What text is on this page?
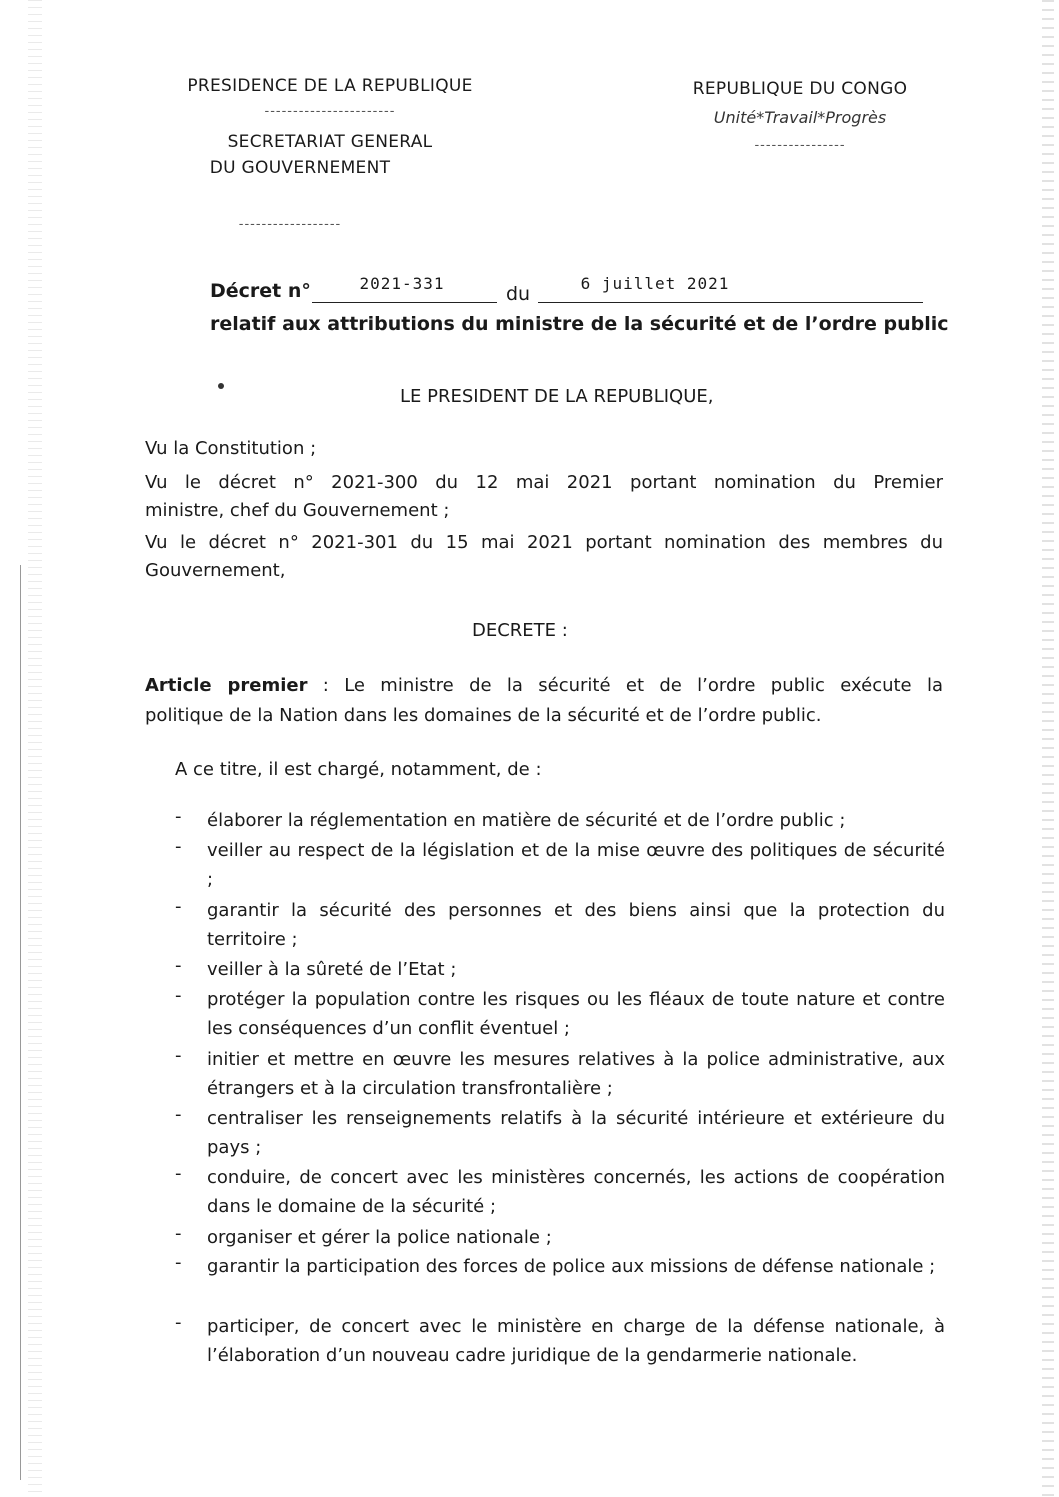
PRESIDENCE DE LA REPUBLIQUE
-----------------------
SECRETARIAT GENERAL
DU GOUVERNEMENT
------------------
REPUBLIQUE DU CONGO
Unité*Travail*Progrès
----------------
Décret n°	2021-331	du	6 juillet 2021
relatif aux attributions du ministre de la sécurité et de l’ordre public
LE PRESIDENT DE LA REPUBLIQUE,
Vu la Constitution ;
Vu le décret n° 2021-300 du 12 mai 2021 portant nomination du Premier
ministre, chef du Gouvernement ;
Vu le décret n° 2021-301 du 15 mai 2021 portant nomination des membres du
Gouvernement,
DECRETE :
Article premier : Le ministre de la sécurité et de l’ordre public exécute la
politique de la Nation dans les domaines de la sécurité et de l’ordre public.
A ce titre, il est chargé, notamment, de :
- élaborer la réglementation en matière de sécurité et de l’ordre public ;
- veiller au respect de la législation et de la mise œuvre des politiques de sécurité ;
- garantir la sécurité des personnes et des biens ainsi que la protection du territoire ;
- veiller à la sûreté de l’Etat ;
- protéger la population contre les risques ou les fléaux de toute nature et contre les conséquences d’un conflit éventuel ;
- initier et mettre en œuvre les mesures relatives à la police administrative, aux étrangers et à la circulation transfrontalière ;
- centraliser les renseignements relatifs à la sécurité intérieure et extérieure du pays ;
- conduire, de concert avec les ministères concernés, les actions de coopération dans le domaine de la sécurité ;
- organiser et gérer la police nationale ;
- garantir la participation des forces de police aux missions de défense nationale ;
- participer, de concert avec le ministère en charge de la défense nationale, à l’élaboration d’un nouveau cadre juridique de la gendarmerie nationale.
